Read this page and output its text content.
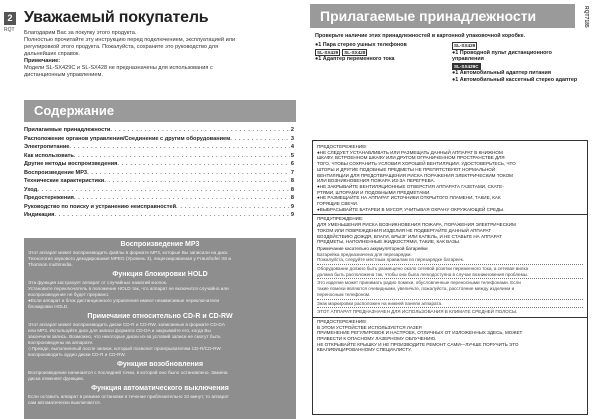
2
RQT
Уважаемый покупатель
Благодарим Вас за покупку этого продукта.
Полностью прочитайте эту инструкцию перед подключением, эксплуатацией или
регулировкой этого продукта. Пожалуйста, сохраните это руководство для
дальнейших справок.
Примечание:
Модели SL-SX429C и SL-SX428 не предназначены для использования с
дистанционным управлением.
Содержание
Прилагаемые принадлежности . . .	2
Расположение органов управления/Соединение с другим оборудованием . . .	3
Электропитание . . .	4
Как использовать . . .	5
Другие методы воспроизведения . . .	6
Воспроизведение MP3 . . .	7
Технические характеристики . . .	8
Уход . . .	8
Предостережения . . .	8
Руководство по поиску и устранению неисправностей . . .	9
Индикация . . .	9
Воспроизведение MP3
Этот аппарат может воспроизводить файлы в формате MP3, которые Вы записали на диск.
Технология звукового декодирования MPEG (Уровень 3), лицензированная у Fraunhofer IIS и
Thomson multimedia.
Функция блокировки HOLD
Эта функция застрахует аппарат от случайных нажатий кнопок.
Установите переключатель в положение HOLD так, что аппарат не включится случайно или
воспроизведение не будет прервано.
●Если аппарат и блок дистанционного управления имеют независимые переключатели
блокировки HOLD.
Примечание относительно CD-R и CD-RW
Этот аппарат может воспроизводить диски CD-R и CD-RW, записанные в формате CD-DA
или MP3. Используйте диск для записи формата CD-DA и закрывайте его, когда Вы
закончили запись. Возможно, что некоторые диски из-за условий записи не смогут быть
воспроизведены на аппарате.
◇Прежде, выполненный после записи, который позволит проигрывателям CD-R/CD-RW
воспроизводить аудио диски CD-R и CD-RW.
Функция возобновления
Воспроизведение начинается с последней точки, в которой оно было остановлено. Замена
диска отменяет функцию.
Функция автоматического выключения
Если оставить аппарат в режиме остановки в течение приблизительно 10 минут, то аппарат
сам автоматически выключается.
Прилагаемые принадлежности	RQT7185
Проверьте наличие этих принадлежностей в картонной упаковочной коробке.
●1 Пара стерео ушных телефонов
SL-SX429 SL-SX428
●1 Адаптер переменного тока
SL-SX429
●1 Проводной пульт дистанционного управления
SL-SX429C
●1 Автомобильный адаптер питания
●1 Автомобильный кассетный стерео адаптер
ПРЕДОСТЕРЕЖЕНИЕ!
●НЕ СЛЕДУЕТ УСТАНАВЛИВАТЬ ИЛИ РАЗМЕЩАТЬ ДАННЫЙ АППАРАТ В КНИЖНОМ
ШКАФУ, ВСТРОЕННОМ ШКАФУ ИЛИ ДРУГОМ ОГРАНИЧЕННОМ ПРОСТРАНСТВЕ ДЛЯ
ТОГО, ЧТОБЫ СОХРАНИТЬ УСЛОВИЯ ХОРОШЕЙ ВЕНТИЛЯЦИИ. УДОСТОВЕРЬТЕСЬ, ЧТО
ШТОРЫ И ДРУГИЕ ПОДОБНЫЕ ПРЕДМЕТЫ НЕ ПРЕПЯТСТВУЮТ НОРМАЛЬНОЙ
ВЕНТИЛЯЦИИ ДЛЯ ПРЕДОТВРАЩЕНИЯ РИСКА ПОРАЖЕНИЯ ЭЛЕКТРИЧЕСКИМ ТОКОМ
ИЛИ ВОЗНИКНОВЕНИЯ ПОЖАРА ИЗ-ЗА ПЕРЕГРЕВА.
●НЕ ЗАКРЫВАЙТЕ ВЕНТИЛЯЦИОННЫЕ ОТВЕРСТИЯ АППАРАТА ГАЗЕТАМИ, СКАТЕ-
РТЯМИ, ШТОРАМИ И ПОДОБНЫМИ ПРЕДМЕТАМИ.
●НЕ РАЗМЕЩАЙТЕ НА АППАРАТ ИСТОЧНИКИ ОТКРЫТОГО ПЛАМЕНИ, ТАКИЕ, КАК
ГОРЯЩИЕ СВЕЧИ.
●ВЫБРАСЫВАЙТЕ БАТАРЕИ В МУСОР, УЧИТЫВАЯ ОХРАНУ ОКРУЖАЮЩЕЙ СРЕДЫ.
ПРЕДУПРЕЖДЕНИЕ:
ДЛЯ УМЕНЬШЕНИЯ РИСКА ВОЗНИКНОВЕНИЯ ПОЖАРА, ПОРАЖЕНИЯ ЭЛЕКТРИЧЕСКИМ
ТОКОМ ИЛИ ПОВРЕЖДЕНИЯ ИЗДЕЛИЯ НЕ ПОДВЕРГАЙТЕ ДАННЫЙ АППАРАТ
ВОЗДЕЙСТВИЮ ДОЖДЯ, ВЛАГИ, БРЫЗГ ИЛИ КАПЕЛЬ, И НЕ СТАВЬТЕ НА АППАРАТ
ПРЕДМЕТЫ, НАПОЛНЕННЫЕ ЖИДКОСТЯМИ, ТАКИЕ, КАК ВАЗЫ.
Примечание касательно аккумуляторной батарейки
Батарейка предназначена для перезарядки.
Пожалуйста, следуйте местным правилам по перезарядке батареек.
Оборудование должно быть размещено около сетевой розетки переменного тока, а сетевая вилка
должна быть расположена так, чтобы она была легкодоступна в случае возникновения проблемы.
Это изделие может принимать радио помехи, обусловленные переносными телефонами. Если
такие помехи являются очевидными, увеличьте, пожалуйста, расстояние между изделием и
переносным телефоном.
Знак маркировки расположен на нижней панели аппарата.
ЭТОТ АППАРАТ ПРЕДНАЗНАЧЕН ДЛЯ ИСПОЛЬЗОВАНИЯ В КЛИМАТЕ СРЕДНЕЙ ПОЛОСЫ.
ПРЕДОСТЕРЕЖЕНИЕ!
В ЭТОМ УСТРОЙСТВЕ ИСПОЛЬЗУЕТСЯ ЛАЗЕР.
ПРИМЕНЕНИЕ РЕГУЛИРОВОК И НАСТРОЕК, ОТЛИЧНЫХ ОТ ИЗЛОЖЕННЫХ ЗДЕСЬ, МОЖЕТ
ПРИВЕСТИ К ОПАСНОМУ ЛАЗЕРНОМУ ОБЛУЧЕНИЮ.
НЕ ОТКРЫВАЙТЕ КРЫШКУ И НЕ ПРОИЗВОДИТЕ РЕМОНТ САМИ—ЛУЧШЕ ПОРУЧИТЬ ЭТО
КВАЛИФИЦИРОВАННОМУ СПЕЦИАЛИСТУ.
